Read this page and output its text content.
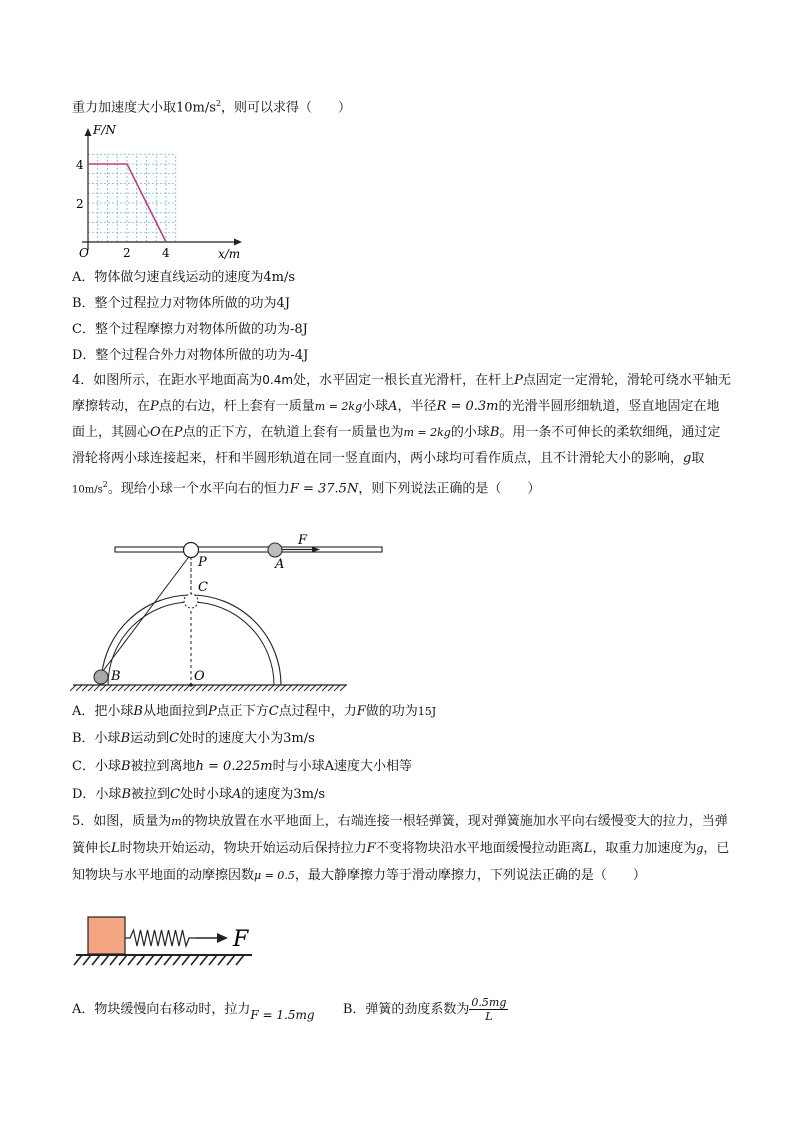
重力加速度大小取$10m/s^2$，则可以求得（　　）
F/N
x/m
O	2	4
2
4
A．物体做匀速直线运动的速度为4m/s
B．整个过程拉力对物体所做的功为4J
C．整个过程摩擦力对物体所做的功为-8J
D．整个过程合外力对物体所做的功为-4J
4．如图所示，在距水平地面高为0.4m处，水平固定一根长直光滑杆，在杆上P点固定一定滑轮，滑轮可绕水平轴无摩擦转动，在P点的右边，杆上套有一质量m = 2kg小球A，半径R = 0.3m的光滑半圆形细轨道，竖直地固定在地面上，其圆心O在P点的正下方，在轨道上套有一质量也为m = 2kg的小球B。用一条不可伸长的柔软细绳，通过定滑轮将两小球连接起来，杆和半圆形轨道在同一竖直面内，两小球均可看作质点，且不计滑轮大小的影响，g取$10m/s^2$。现给小球一个水平向右的恒力F = 37.5N，则下列说法正确的是（　　）
F
P	A
C
B	O
A．把小球B从地面拉到P点正下方C点过程中，力F做的功为15J
B．小球B运动到C处时的速度大小为3m/s
C．小球B被拉到离地h = 0.225m时与小球A速度大小相等
D．小球B被拉到C处时小球A的速度为3m/s
5．如图，质量为m的物块放置在水平地面上，右端连接一根轻弹簧，现对弹簧施加水平向右缓慢变大的拉力，当弹簧伸长L时物块开始运动，物块开始运动后保持拉力F不变将物块沿水平地面缓慢拉动距离L，取重力加速度为g，已知物块与水平地面的动摩擦因数μ = 0.5，最大静摩擦力等于滑动摩擦力，下列说法正确的是（　　）
F
A．物块缓慢向右移动时，拉力F = 1.5mg B．弹簧的劲度系数为 $\frac{0.5mg}{L}$
